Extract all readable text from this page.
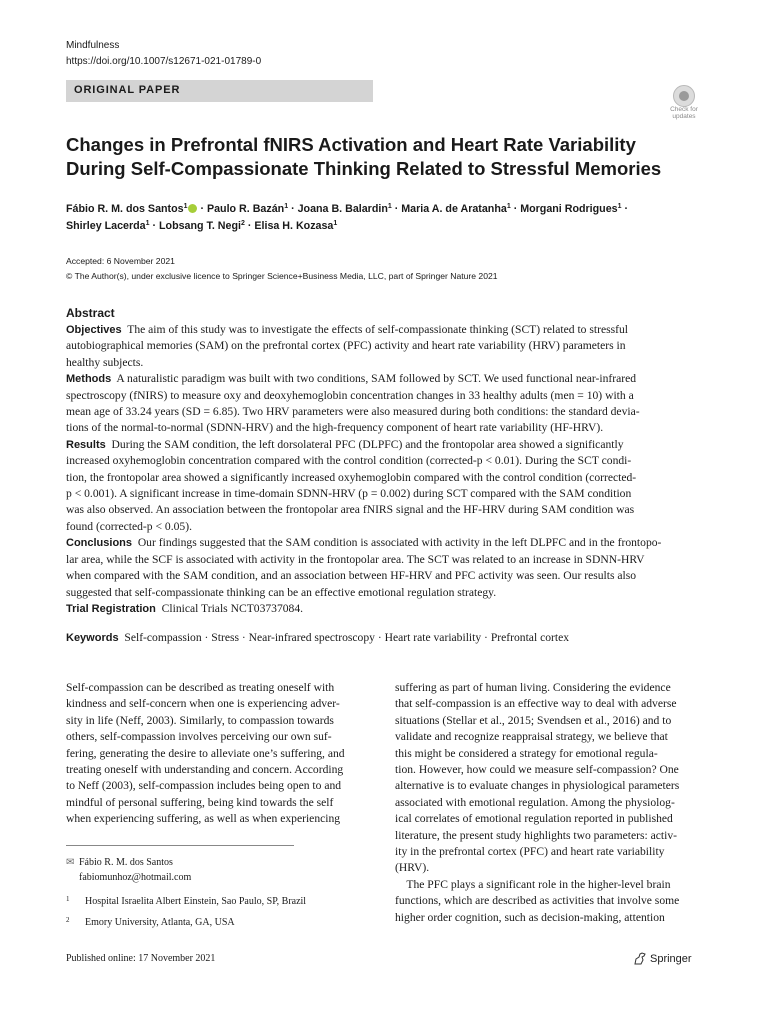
Mindfulness
https://doi.org/10.1007/s12671-021-01789-0
ORIGINAL PAPER
Check for
updates
Changes in Prefrontal fNIRS Activation and Heart Rate Variability
During Self-Compassionate Thinking Related to Stressful Memories
Fábio R. M. dos Santos$^1$ · Paulo R. Bazán$^1$ · Joana B. Balardin$^1$ · Maria A. de Aratanha$^1$ · Morgani Rodrigues$^1$ ·
Shirley Lacerda$^1$ · Lobsang T. Negi$^2$ · Elisa H. Kozasa$^1$
Accepted: 6 November 2021
© The Author(s), under exclusive licence to Springer Science+Business Media, LLC, part of Springer Nature 2021
Abstract
Objectives The aim of this study was to investigate the effects of self-compassionate thinking (SCT) related to stressful
autobiographical memories (SAM) on the prefrontal cortex (PFC) activity and heart rate variability (HRV) parameters in
healthy subjects.
Methods A naturalistic paradigm was built with two conditions, SAM followed by SCT. We used functional near-infrared
spectroscopy (fNIRS) to measure oxy and deoxyhemoglobin concentration changes in 33 healthy adults (men = 10) with a
mean age of 33.24 years (SD = 6.85). Two HRV parameters were also measured during both conditions: the standard devia-
tions of the normal-to-normal (SDNN-HRV) and the high-frequency component of heart rate variability (HF-HRV).
Results During the SAM condition, the left dorsolateral PFC (DLPFC) and the frontopolar area showed a significantly
increased oxyhemoglobin concentration compared with the control condition (corrected-p < 0.01). During the SCT condi-
tion, the frontopolar area showed a significantly increased oxyhemoglobin compared with the control condition (corrected-
p < 0.001). A significant increase in time-domain SDNN-HRV (p = 0.002) during SCT compared with the SAM condition
was also observed. An association between the frontopolar area fNIRS signal and the HF-HRV during SAM condition was
found (corrected-p < 0.05).
Conclusions Our findings suggested that the SAM condition is associated with activity in the left DLPFC and in the frontopo-
lar area, while the SCF is associated with activity in the frontopolar area. The SCT was related to an increase in SDNN-HRV
when compared with the SAM condition, and an association between HF-HRV and PFC activity was seen. Our results also
suggested that self-compassionate thinking can be an effective emotional regulation strategy.
Trial Registration Clinical Trials NCT03737084.
Keywords Self-compassion · Stress · Near-infrared spectroscopy · Heart rate variability · Prefrontal cortex
Self-compassion can be described as treating oneself with
kindness and self-concern when one is experiencing adver-
sity in life (Neff, 2003). Similarly, to compassion towards
others, self-compassion involves perceiving our own suf-
fering, generating the desire to alleviate one’s suffering, and
treating oneself with understanding and concern. According
to Neff (2003), self-compassion includes being open to and
mindful of personal suffering, being kind towards the self
when experiencing suffering, as well as when experiencing
suffering as part of human living. Considering the evidence
that self-compassion is an effective way to deal with adverse
situations (Stellar et al., 2015; Svendsen et al., 2016) and to
validate and recognize reappraisal strategy, we believe that
this might be considered a strategy for emotional regula-
tion. However, how could we measure self-compassion? One
alternative is to evaluate changes in physiological parameters
associated with emotional regulation. Among the physiolog-
ical correlates of emotional regulation reported in published
literature, the present study highlights two parameters: activ-
ity in the prefrontal cortex (PFC) and heart rate variability
(HRV).
The PFC plays a significant role in the higher-level brain
functions, which are described as activities that involve some
higher order cognition, such as decision-making, attention
✉ Fábio R. M. dos Santos
fabiomunhoz@hotmail.com
1 Hospital Israelita Albert Einstein, Sao Paulo, SP, Brazil
2 Emory University, Atlanta, GA, USA
Published online: 17 November 2021	Springer
